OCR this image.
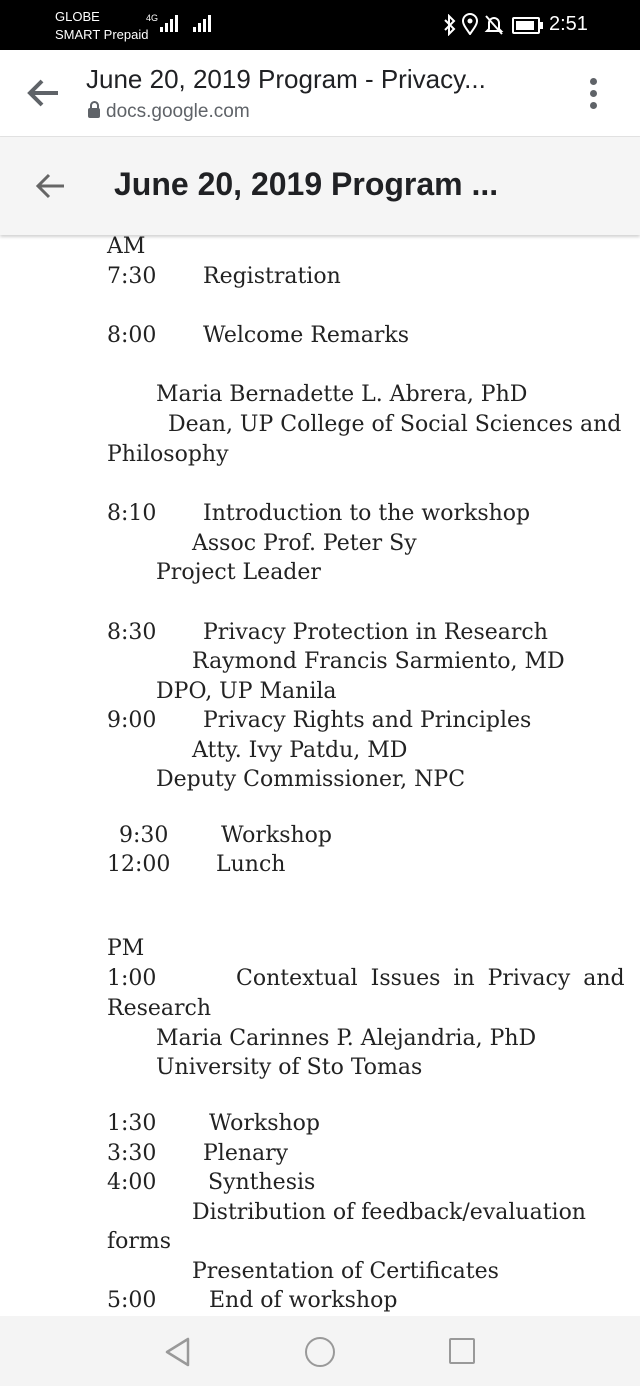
GLOBE
SMART Prepaid
4G	2:51
June 20, 2019 Program - Privacy...
docs.google.com
June 20, 2019 Program ...
AM
7:30 Registration
8:00 Welcome Remarks
Maria Bernadette L. Abrera, PhD
Dean, UP College of Social Sciences and
Philosophy
8:10 Introduction to the workshop
Assoc Prof. Peter Sy
Project Leader
8:30 Privacy Protection in Research
Raymond Francis Sarmiento, MD
DPO, UP Manila
9:00 Privacy Rights and Principles
Atty. Ivy Patdu, MD
Deputy Commissioner, NPC
9:30 Workshop
12:00 Lunch
PM
1:00	Contextual Issues in Privacy and
Research
Maria Carinnes P. Alejandria, PhD
University of Sto Tomas
1:30 Workshop
3:30 Plenary
4:00 Synthesis
Distribution of feedback/evaluation
forms
Presentation of Certificates
5:00 End of workshop
